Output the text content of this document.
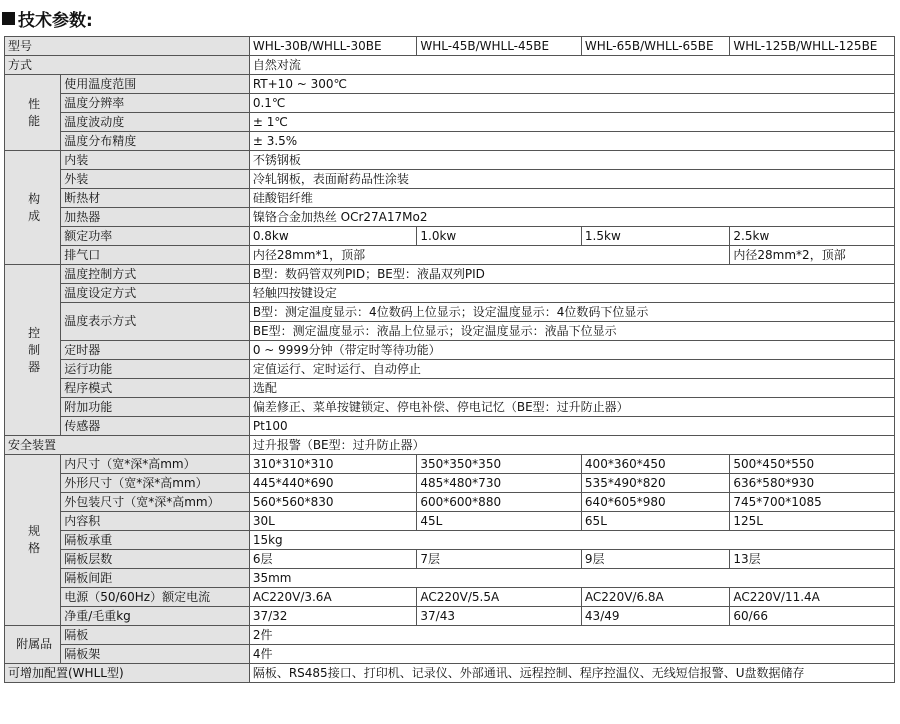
技术参数:
型号		WHL-30B/WHLL-30BE	WHL-45B/WHLL-45BE	WHL-65B/WHLL-65BE	WHL-125B/WHLL-125BE
方式		自然对流			

性
能	使用温度范围	RT+10 ~ 300℃			
	温度分辨率	0.1℃			
	温度波动度	± 1℃			
	温度分布精度	± 3.5%			

构
成	内装	不锈钢板			
	外装	冷轧钢板，表面耐药品性涂装			
	断热材	硅酸铝纤维			
	加热器	镍铬合金加热丝 OCr27A17Mo2			
	额定功率	0.8kw	1.0kw	1.5kw	2.5kw
	排气口	内径28mm*1，顶部			内径28mm*2，顶部

控
制
器	温度控制方式	B型：数码管双列PID；BE型：液晶双列PID			
	温度设定方式	轻触四按键设定			
	温度表示方式	B型：测定温度显示：4位数码上位显示；设定温度显示：4位数码下位显示			
		BE型：测定温度显示：液晶上位显示；设定温度显示：液晶下位显示			
	定时器	0 ~ 9999分钟（带定时等待功能）			
	运行功能	定值运行、定时运行、自动停止			
	程序模式	选配			
	附加功能	偏差修正、菜单按键锁定、停电补偿、停电记忆（BE型：过升防止器）			
	传感器	Pt100			
安全装置		过升报警（BE型：过升防止器）			

规
格	内尺寸（宽*深*高mm）	310*310*310	350*350*350	400*360*450	500*450*550
	外形尺寸（宽*深*高mm）	445*440*690	485*480*730	535*490*820	636*580*930
	外包装尺寸（宽*深*高mm）	560*560*830	600*600*880	640*605*980	745*700*1085
	内容积	30L	45L	65L	125L
	隔板承重	15kg			
	隔板层数	6层	7层	9层	13层
	隔板间距	35mm			
	电源（50/60Hz）额定电流	AC220V/3.6A	AC220V/5.5A	AC220V/6.8A	AC220V/11.4A
	净重/毛重kg	37/32	37/43	43/49	60/66

附属品	隔板	2件			
	隔板架	4件			
可增加配置(WHLL型)		隔板、RS485接口、打印机、记录仪、外部通讯、远程控制、程序控温仪、无线短信报警、U盘数据储存			
